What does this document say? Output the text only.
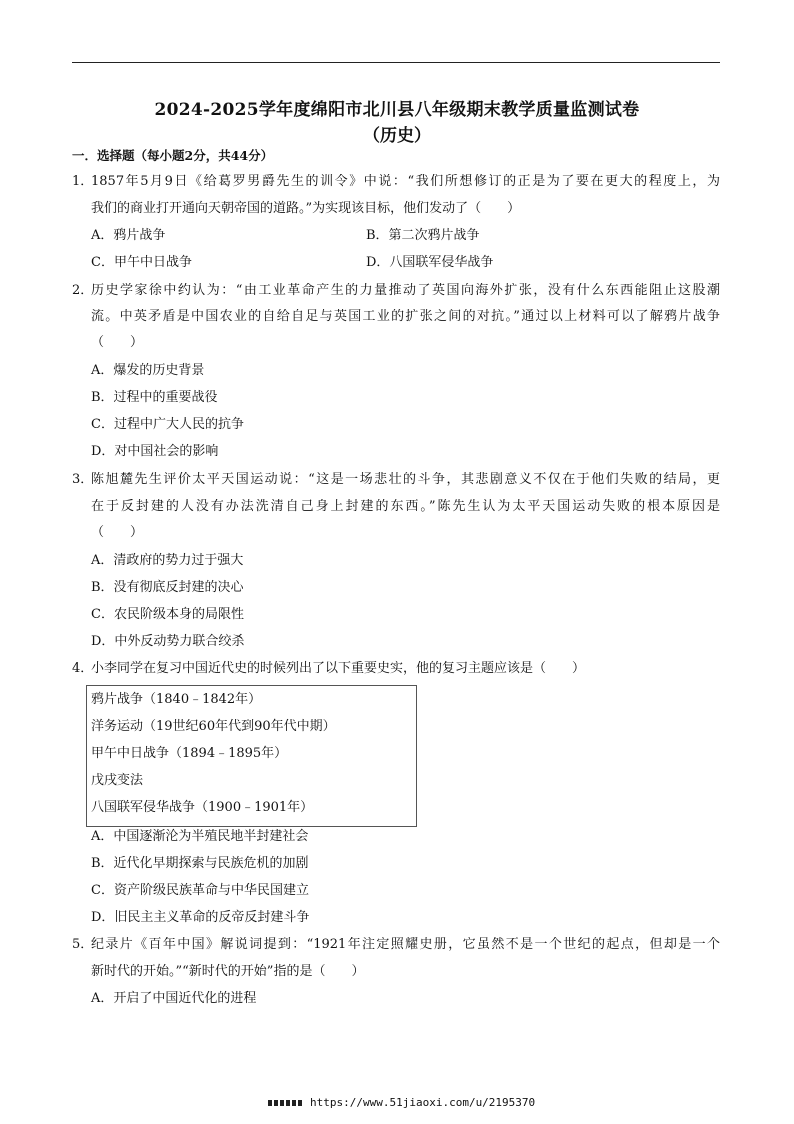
2024-2025学年度绵阳市北川县八年级期末教学质量监测试卷
（历史）
一．选择题（每小题2分，共44分）
1．
1857年5月9日《给葛罗男爵先生的训令》中说：“我们所想修订的正是为了要在更大的程度上，为
我们的商业打开通向天朝帝国的道路。”为实现该目标，他们发动了（　　）
A．鸦片战争	B．第二次鸦片战争
C．甲午中日战争	D．八国联军侵华战争
2．
历史学家徐中约认为：“由工业革命产生的力量推动了英国向海外扩张，没有什么东西能阻止这股潮
流。中英矛盾是中国农业的自给自足与英国工业的扩张之间的对抗。”通过以上材料可以了解鸦片战争
（　　）
A．爆发的历史背景
B．过程中的重要战役
C．过程中广大人民的抗争
D．对中国社会的影响
3．
陈旭麓先生评价太平天国运动说：“这是一场悲壮的斗争，其悲剧意义不仅在于他们失败的结局，更
在于反封建的人没有办法洗清自己身上封建的东西。”陈先生认为太平天国运动失败的根本原因是
（　　）
A．清政府的势力过于强大
B．没有彻底反封建的决心
C．农民阶级本身的局限性
D．中外反动势力联合绞杀
4．
小李同学在复习中国近代史的时候列出了以下重要史实，他的复习主题应该是（　　）
鸦片战争（1840﹣1842年）
洋务运动（19世纪60年代到90年代中期）
甲午中日战争（1894﹣1895年）
戊戌变法
八国联军侵华战争（1900﹣1901年）
A．中国逐渐沦为半殖民地半封建社会
B．近代化早期探索与民族危机的加剧
C．资产阶级民族革命与中华民国建立
D．旧民主主义革命的反帝反封建斗争
5．
纪录片《百年中国》解说词提到：“1921年注定照耀史册，它虽然不是一个世纪的起点，但却是一个
新时代的开始。”“新时代的开始”指的是（　　）
A．开启了中国近代化的进程
https://www.51jiaoxi.com/u/2195370
